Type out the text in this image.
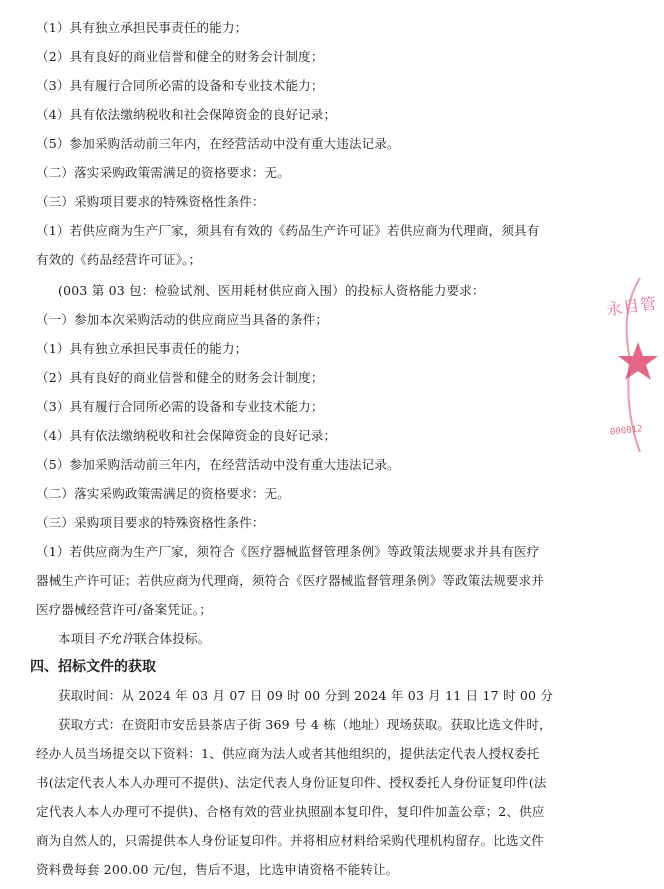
（1）具有独立承担民事责任的能力；
（2）具有良好的商业信誉和健全的财务会计制度；
（3）具有履行合同所必需的设备和专业技术能力；
（4）具有依法缴纳税收和社会保障资金的良好记录；
（5）参加采购活动前三年内，在经营活动中没有重大违法记录。
（二）落实采购政策需满足的资格要求：无。
（三）采购项目要求的特殊资格性条件：
（1）若供应商为生产厂家，须具有有效的《药品生产许可证》若供应商为代理商，须具有
有效的《药品经营许可证》。；
(003 第 03 包：检验试剂、医用耗材供应商入围）的投标人资格能力要求：
（一）参加本次采购活动的供应商应当具备的条件；
（1）具有独立承担民事责任的能力；
（2）具有良好的商业信誉和健全的财务会计制度；
（3）具有履行合同所必需的设备和专业技术能力；
（4）具有依法缴纳税收和社会保障资金的良好记录；
（5）参加采购活动前三年内，在经营活动中没有重大违法记录。
（二）落实采购政策需满足的资格要求：无。
（三）采购项目要求的特殊资格性条件：
（1）若供应商为生产厂家，须符合《医疗器械监督管理条例》等政策法规要求并具有医疗
器械生产许可证；若供应商为代理商，须符合《医疗器械监督管理条例》等政策法规要求并
医疗器械经营许可/备案凭证。；
本项目不允许联合体投标。
四、招标文件的获取
获取时间：从 2024 年 03 月 07 日 09 时 00 分到 2024 年 03 月 11 日 17 时 00 分
获取方式：在资阳市安岳县茶店子街 369 号 4 栋（地址）现场获取。获取比选文件时，
经办人员当场提交以下资料：1、供应商为法人或者其他组织的，提供法定代表人授权委托
书(法定代表人本人办理可不提供)、法定代表人身份证复印件、授权委托人身份证复印件(法
定代表人本人办理可不提供)、合格有效的营业执照副本复印件，复印件加盖公章；2、供应
商为自然人的，只需提供本人身份证复印件。并将相应材料给采购代理机构留存。比选文件
资料费每套 200.00 元/包，售后不退，比选申请资格不能转让。
永目管
000012
